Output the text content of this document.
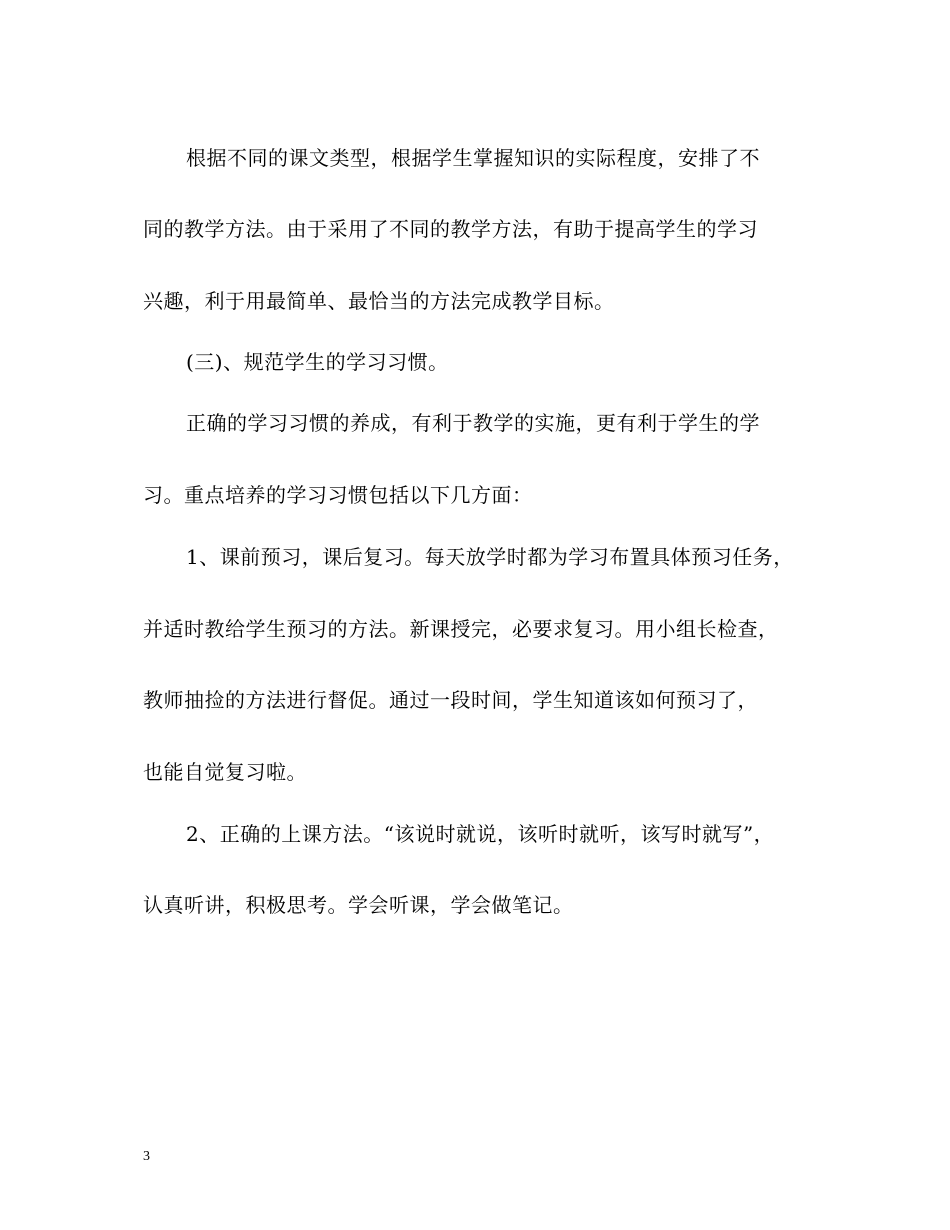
根据不同的课文类型，根据学生掌握知识的实际程度，安排了不
同的教学方法。由于采用了不同的教学方法，有助于提高学生的学习
兴趣，利于用最简单、最恰当的方法完成教学目标。
(三)、规范学生的学习习惯。
正确的学习习惯的养成，有利于教学的实施，更有利于学生的学
习。重点培养的学习习惯包括以下几方面：
1、课前预习，课后复习。每天放学时都为学习布置具体预习任务，
并适时教给学生预习的方法。新课授完，必要求复习。用小组长检查，
教师抽捡的方法进行督促。通过一段时间，学生知道该如何预习了，
也能自觉复习啦。
2、正确的上课方法。“该说时就说，该听时就听，该写时就写”，
认真听讲，积极思考。学会听课，学会做笔记。
3
